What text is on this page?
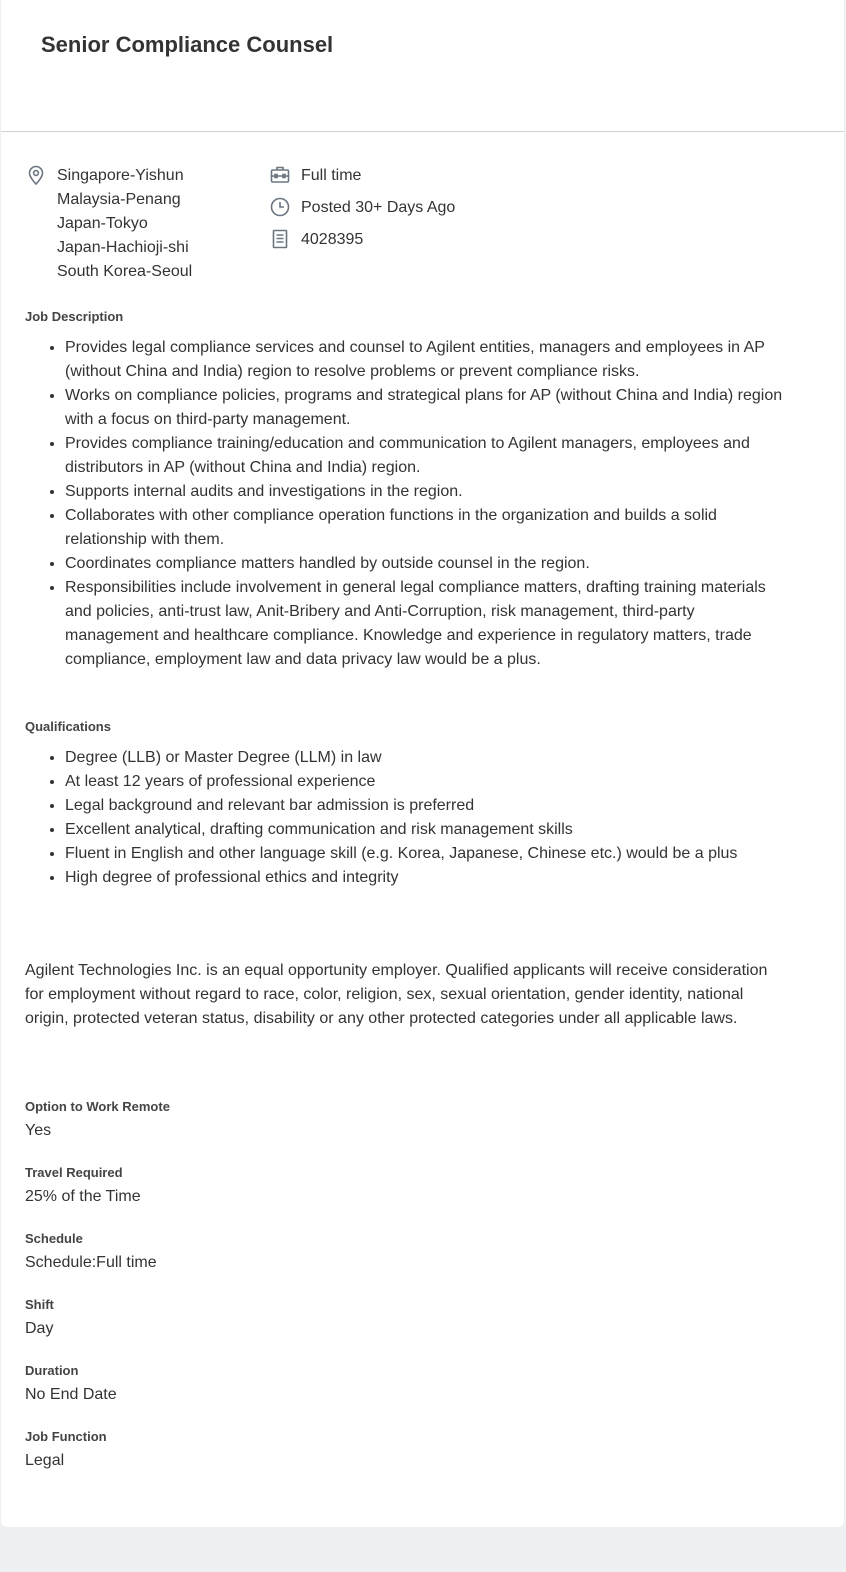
Senior Compliance Counsel
Singapore-Yishun
Malaysia-Penang
Japan-Tokyo
Japan-Hachioji-shi
South Korea-Seoul
Full time
Posted 30+ Days Ago
4028395
Job Description
• Provides legal compliance services and counsel to Agilent entities, managers and employees in AP (without China and India) region to resolve problems or prevent compliance risks.
• Works on compliance policies, programs and strategical plans for AP (without China and India) region with a focus on third-party management.
• Provides compliance training/education and communication to Agilent managers, employees and distributors in AP (without China and India) region.
• Supports internal audits and investigations in the region.
• Collaborates with other compliance operation functions in the organization and builds a solid relationship with them.
• Coordinates compliance matters handled by outside counsel in the region.
• Responsibilities include involvement in general legal compliance matters, drafting training materials and policies, anti-trust law, Anit-Bribery and Anti-Corruption, risk management, third-party management and healthcare compliance. Knowledge and experience in regulatory matters, trade compliance, employment law and data privacy law would be a plus.
Qualifications
• Degree (LLB) or Master Degree (LLM) in law
• At least 12 years of professional experience
• Legal background and relevant bar admission is preferred
• Excellent analytical, drafting communication and risk management skills
• Fluent in English and other language skill (e.g. Korea, Japanese, Chinese etc.) would be a plus
• High degree of professional ethics and integrity
Agilent Technologies Inc. is an equal opportunity employer. Qualified applicants will receive consideration for employment without regard to race, color, religion, sex, sexual orientation, gender identity, national origin, protected veteran status, disability or any other protected categories under all applicable laws.
Option to Work Remote
Yes
Travel Required
25% of the Time
Schedule
Schedule:Full time
Shift
Day
Duration
No End Date
Job Function
Legal
